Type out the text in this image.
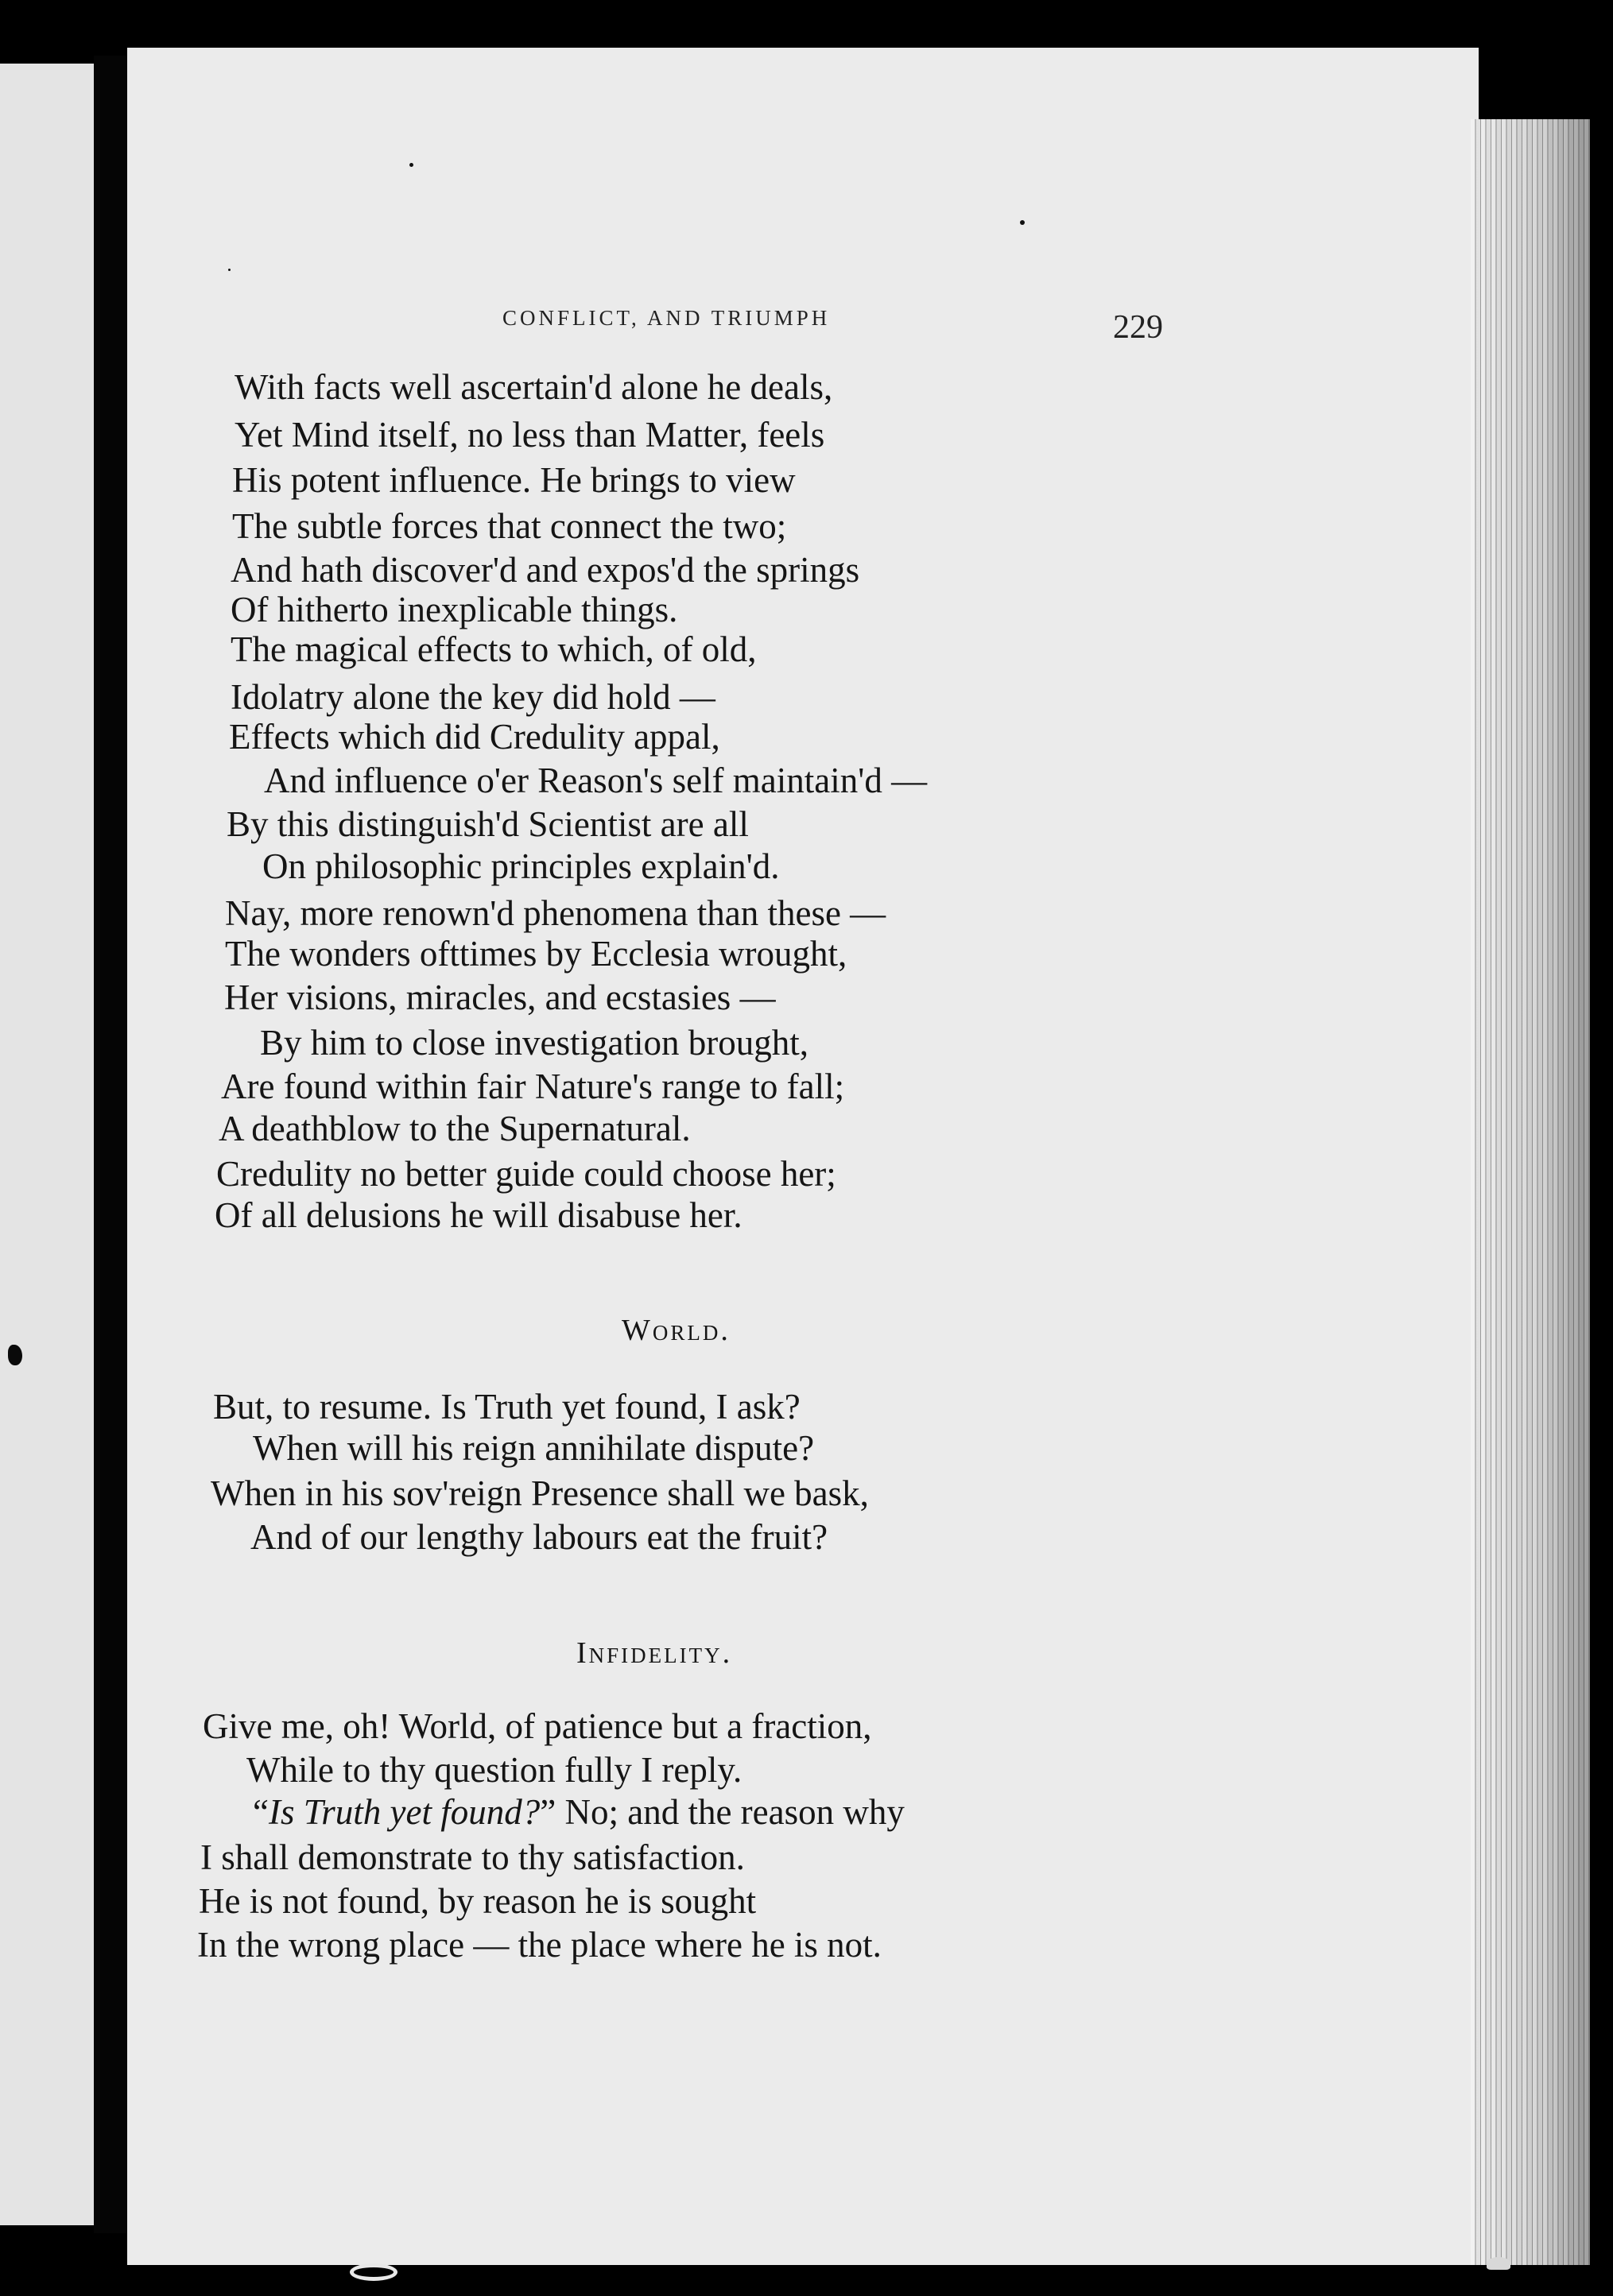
CONFLICT, AND TRIUMPH	229
With facts well ascertain'd alone he deals,
Yet Mind itself, no less than Matter, feels
His potent influence. He brings to view
The subtle forces that connect the two;
And hath discover'd and expos'd the springs
Of hitherto inexplicable things.
The magical effects to which, of old,
Idolatry alone the key did hold —
Effects which did Credulity appal,
And influence o'er Reason's self maintain'd —
By this distinguish'd Scientist are all
On philosophic principles explain'd.
Nay, more renown'd phenomena than these —
The wonders ofttimes by Ecclesia wrought,
Her visions, miracles, and ecstasies —
By him to close investigation brought,
Are found within fair Nature's range to fall;
A deathblow to the Supernatural.
Credulity no better guide could choose her;
Of all delusions he will disabuse her.
World.
But, to resume. Is Truth yet found, I ask?
When will his reign annihilate dispute?
When in his sov'reign Presence shall we bask,
And of our lengthy labours eat the fruit?
Infidelity.
Give me, oh! World, of patience but a fraction,
While to thy question fully I reply.
“Is Truth yet found?” No; and the reason why
I shall demonstrate to thy satisfaction.
He is not found, by reason he is sought
In the wrong place — the place where he is not.
